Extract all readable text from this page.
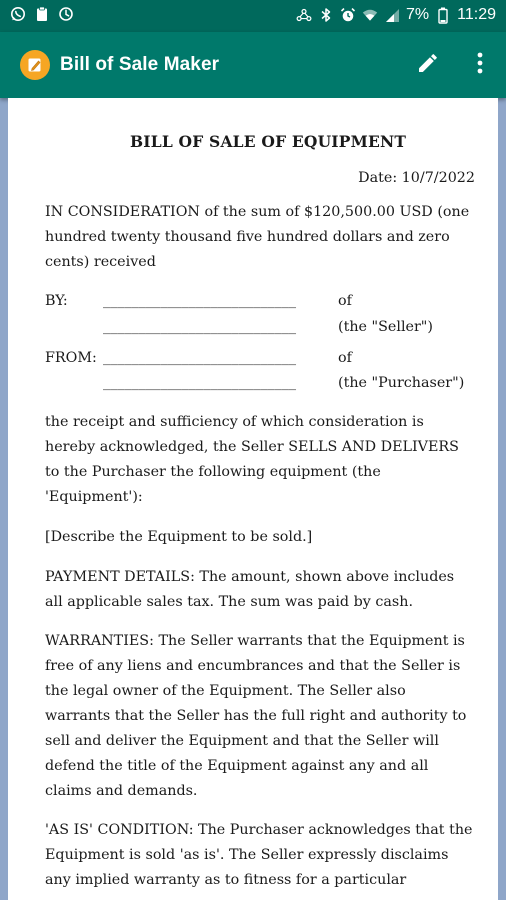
7% 11:29
Bill of Sale Maker
BILL OF SALE OF EQUIPMENT
Date: 10/7/2022

IN CONSIDERATION of the sum of $120,500.00 USD (one hundred twenty thousand five hundred dollars and zero cents) received

BY: ___________________________	of
___________________________	(the "Seller")
FROM: ___________________________	of
___________________________	(the "Purchaser")

the receipt and sufficiency of which consideration is hereby acknowledged, the Seller SELLS AND DELIVERS to the Purchaser the following equipment (the 'Equipment'):

[Describe the Equipment to be sold.]

PAYMENT DETAILS: The amount, shown above includes all applicable sales tax. The sum was paid by cash.

WARRANTIES: The Seller warrants that the Equipment is free of any liens and encumbrances and that the Seller is the legal owner of the Equipment. The Seller also warrants that the Seller has the full right and authority to sell and deliver the Equipment and that the Seller will defend the title of the Equipment against any and all claims and demands.

'AS IS' CONDITION: The Purchaser acknowledges that the Equipment is sold 'as is'. The Seller expressly disclaims any implied warranty as to fitness for a particular
